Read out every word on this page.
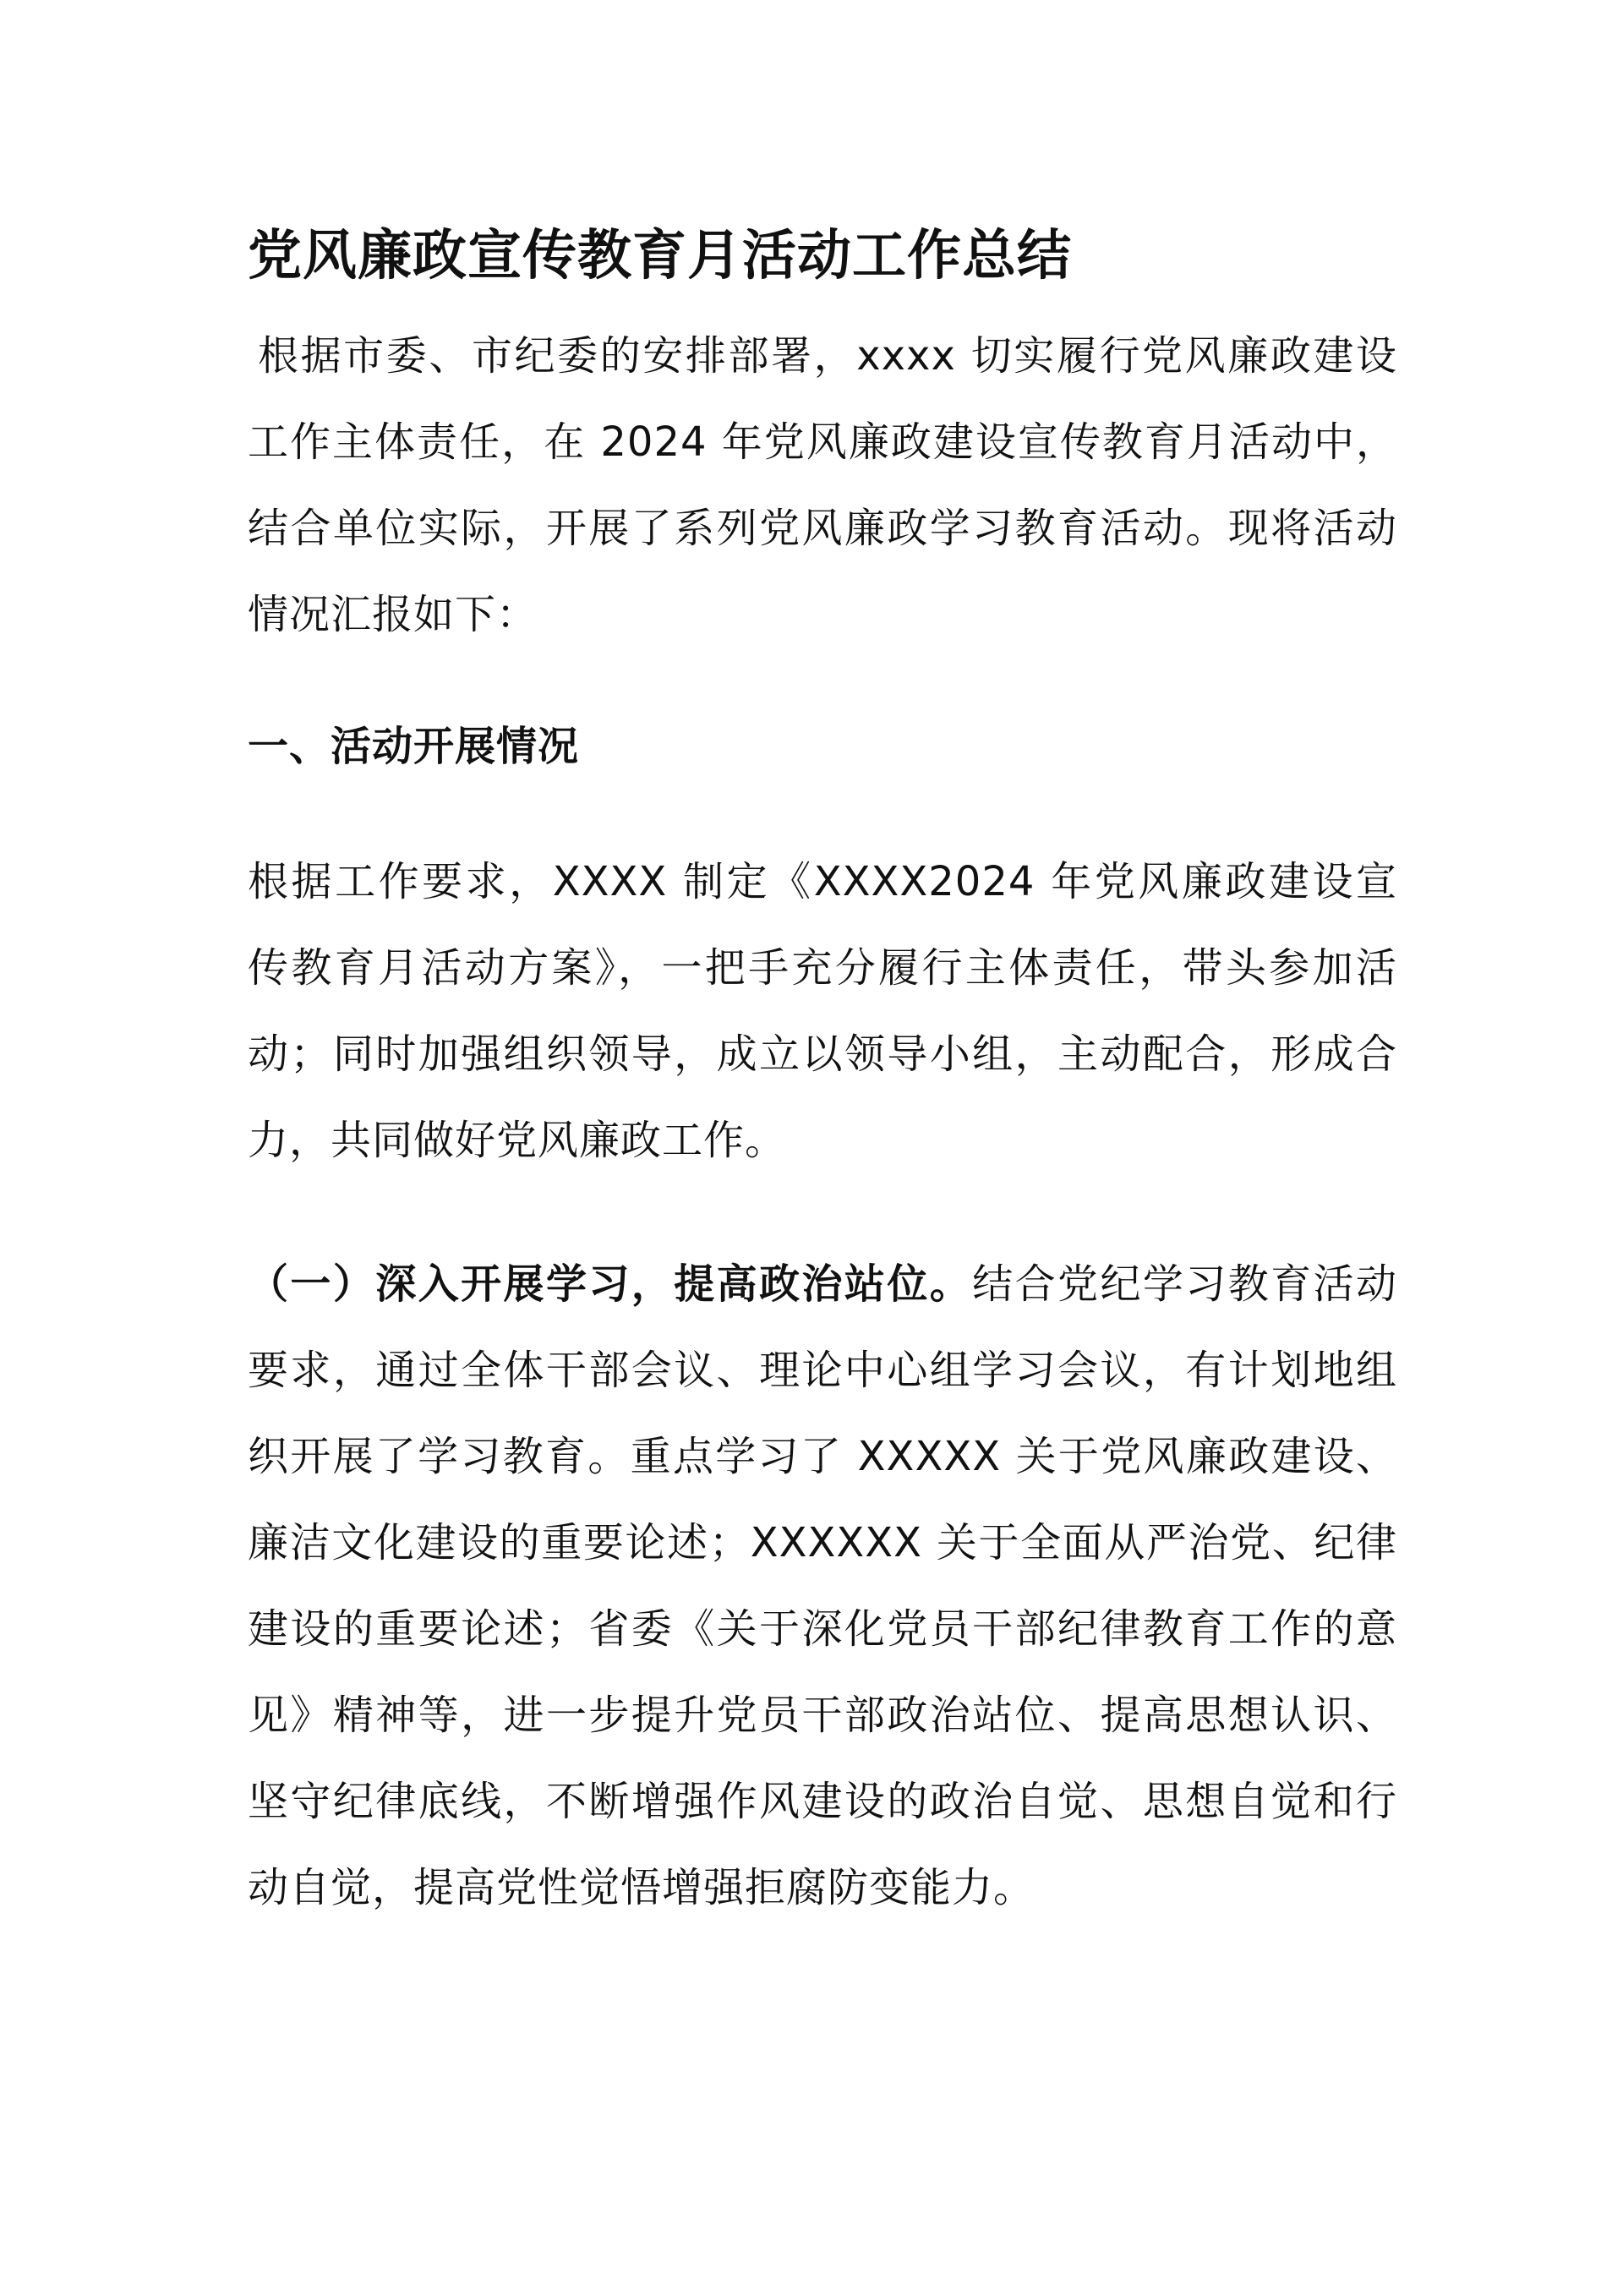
党风廉政宣传教育月活动工作总结

根据市委、市纪委的安排部署，xxxx 切实履行党风廉政建设工作主体责任，在 2024 年党风廉政建设宣传教育月活动中，结合单位实际，开展了系列党风廉政学习教育活动。现将活动情况汇报如下：

一、活动开展情况

根据工作要求，XXXX 制定《XXXX2024 年党风廉政建设宣传教育月活动方案》，一把手充分履行主体责任，带头参加活动；同时加强组织领导，成立以领导小组，主动配合，形成合力，共同做好党风廉政工作。

（一）深入开展学习，提高政治站位。结合党纪学习教育活动要求，通过全体干部会议、理论中心组学习会议，有计划地组织开展了学习教育。重点学习了 XXXXX 关于党风廉政建设、廉洁文化建设的重要论述；XXXXXX 关于全面从严治党、纪律建设的重要论述；省委《关于深化党员干部纪律教育工作的意见》精神等，进一步提升党员干部政治站位、提高思想认识、坚守纪律底线，不断增强作风建设的政治自觉、思想自觉和行动自觉，提高党性觉悟增强拒腐防变能力。
